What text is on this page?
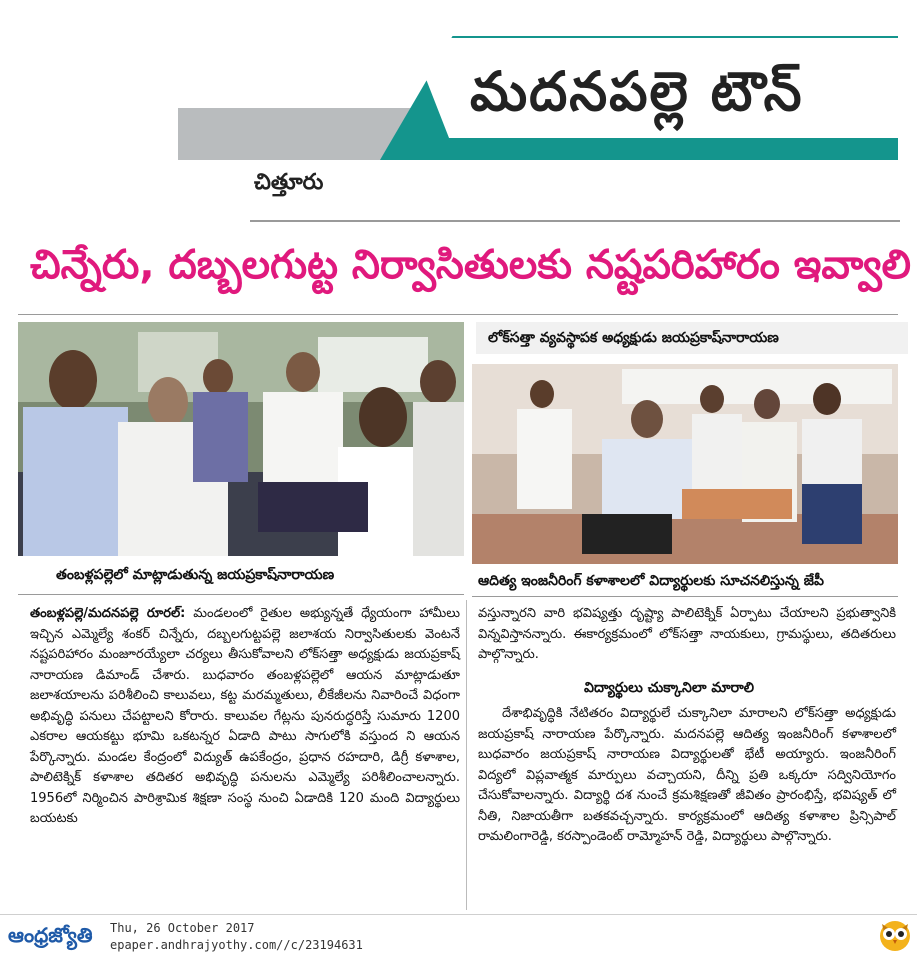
మదనపల్లె టౌన్
చిత్తూరు
చిన్నేరు, దబ్బలగుట్ట నిర్వాసితులకు నష్టపరిహారం ఇవ్వాలి
లోక్‌సత్తా వ్యవస్థాపక అధ్యక్షుడు జయప్రకాష్‌నారాయణ
తంబళ్లపల్లెలో మాట్లాడుతున్న జయప్రకాష్‌నారాయణ	ఆదిత్య ఇంజనీరింగ్ కళాశాలలో విద్యార్థులకు సూచనలిస్తున్న జేపీ
తంబళ్లపల్లె/మదనపల్లె రూరల్: మండలంలో రైతుల అభ్యున్నతే ధ్యేయంగా హామీలు ఇచ్చిన ఎమ్మెల్యే శంకర్ చిన్నేరు, దబ్బలగుట్టపల్లె జలాశయ నిర్వాసితులకు వెంటనే నష్టపరిహారం మంజూరయ్యేలా చర్యలు తీసుకోవాలని లోక్‌సత్తా అధ్యక్షుడు జయప్రకాష్ నారాయణ డిమాండ్ చేశారు. బుధవారం తంబళ్లపల్లెలో ఆయన మాట్లాడుతూ జలాశయాలను పరిశీలించి కాలువలు, కట్ట మరమ్మతులు, లీకేజీలను నివారించే విధంగా అభివృద్ధి పనులు చేపట్టాలని కోరారు. కాలువల గేట్లను పునరుద్ధరిస్తే సుమారు 1200 ఎకరాల ఆయకట్టు భూమి ఒకటన్నర ఏడాది పాటు సాగులోకి వస్తుంద ని ఆయన పేర్కొన్నారు. మండల కేంద్రంలో విద్యుత్ ఉపకేంద్రం, ప్రధాన రహదారి, డిగ్రీ కళాశాల, పాలిటెక్నిక్ కళాశాల తదితర అభివృద్ధి పనులను ఎమ్మెల్యే పరిశీలించాలన్నారు. 1956లో నిర్మించిన పారిశ్రామిక శిక్షణా సంస్థ నుంచి ఏడాదికి 120 మంది విద్యార్థులు బయటకు
వస్తున్నారని వారి భవిష్యత్తు దృష్ట్యా పాలిటెక్నిక్ ఏర్పాటు చేయాలని ప్రభుత్వానికి విన్నవిస్తానన్నారు. ఈకార్యక్రమంలో లోక్‌సత్తా నాయకులు, గ్రామస్థులు, తదితరులు పాల్గొన్నారు.
విద్యార్థులు చుక్కానిలా మారాలి
దేశాభివృద్ధికి నేటితరం విద్యార్థులే చుక్కానిలా మారాలని లోక్‌సత్తా అధ్యక్షుడు జయప్రకాష్ నారాయణ పేర్కొన్నారు. మదనపల్లె ఆదిత్య ఇంజనీరింగ్ కళాశాలలో బుధవారం జయప్రకాష్ నారాయణ విద్యార్థులతో భేటీ అయ్యారు. ఇంజనీరింగ్ విద్యలో విప్లవాత్మక మార్పులు వచ్చాయని, దీన్ని ప్రతి ఒక్కరూ సద్వినియోగం చేసుకోవాలన్నారు. విద్యార్థి దశ నుంచే క్రమశిక్షణతో జీవితం ప్రారంభిస్తే, భవిష్యత్ లో నీతి, నిజాయతీగా బతకవచ్చన్నారు. కార్యక్రమంలో ఆదిత్య కళాశాల ప్రిన్సిపాల్ రామలింగారెడ్డి, కరస్పాండెంట్ రామ్మోహన్ రెడ్డి, విద్యార్థులు పాల్గొన్నారు.
ఆంధ్రజ్యోతి Thu, 26 October 2017
epaper.andhrajyothy.com//c/23194631
